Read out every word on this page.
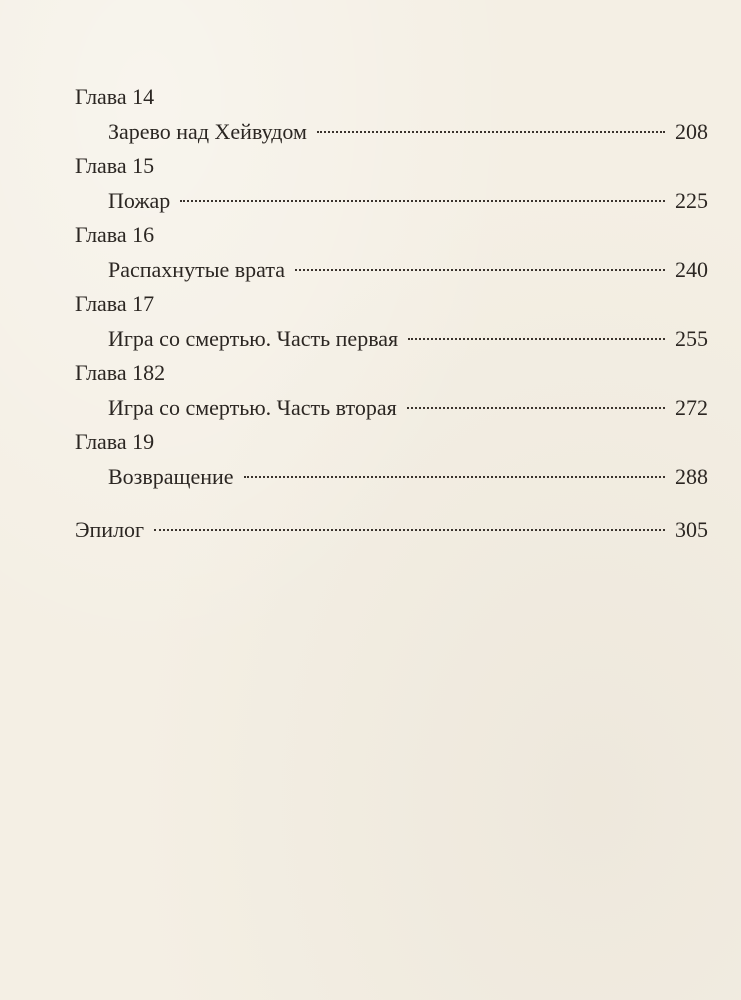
Глава 14
Зарево над Хейвудом	208
Глава 15
Пожар	225
Глава 16
Распахнутые врата	240
Глава 17
Игра со смертью. Часть первая	255
Глава 182
Игра со смертью. Часть вторая	272
Глава 19
Возвращение	288
Эпилог	305
